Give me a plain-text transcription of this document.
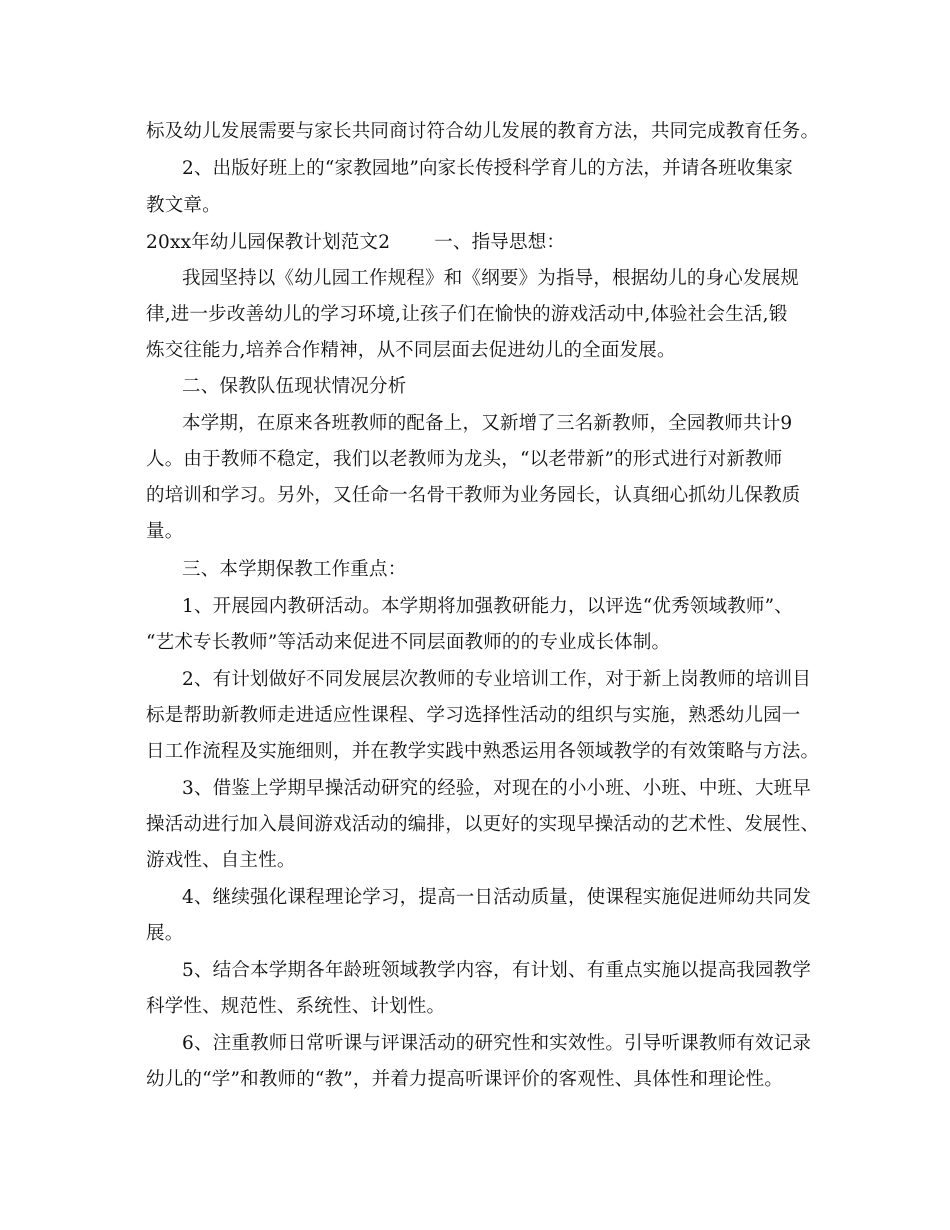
标及幼儿发展需要与家长共同商讨符合幼儿发展的教育方法，共同完成教育任务。
2、出版好班上的“家教园地”向家长传授科学育儿的方法，并请各班收集家
教文章。
20xx年幼儿园保教计划范文2 一、指导思想：
我园坚持以《幼儿园工作规程》和《纲要》为指导，根据幼儿的身心发展规
律,进一步改善幼儿的学习环境,让孩子们在愉快的游戏活动中,体验社会生活,锻
炼交往能力,培养合作精神，从不同层面去促进幼儿的全面发展。
二、保教队伍现状情况分析
本学期，在原来各班教师的配备上，又新增了三名新教师，全园教师共计9
人。由于教师不稳定，我们以老教师为龙头，“以老带新”的形式进行对新教师
的培训和学习。另外，又任命一名骨干教师为业务园长，认真细心抓幼儿保教质
量。
三、本学期保教工作重点：
1、开展园内教研活动。本学期将加强教研能力，以评选“优秀领域教师”、
“艺术专长教师”等活动来促进不同层面教师的的专业成长体制。
2、有计划做好不同发展层次教师的专业培训工作，对于新上岗教师的培训目
标是帮助新教师走进适应性课程、学习选择性活动的组织与实施，熟悉幼儿园一
日工作流程及实施细则，并在教学实践中熟悉运用各领域教学的有效策略与方法。
3、借鉴上学期早操活动研究的经验，对现在的小小班、小班、中班、大班早
操活动进行加入晨间游戏活动的编排，以更好的实现早操活动的艺术性、发展性、
游戏性、自主性。
4、继续强化课程理论学习，提高一日活动质量，使课程实施促进师幼共同发
展。
5、结合本学期各年龄班领域教学内容，有计划、有重点实施以提高我园教学
科学性、规范性、系统性、计划性。
6、注重教师日常听课与评课活动的研究性和实效性。引导听课教师有效记录
幼儿的“学”和教师的“教”，并着力提高听课评价的客观性、具体性和理论性。
